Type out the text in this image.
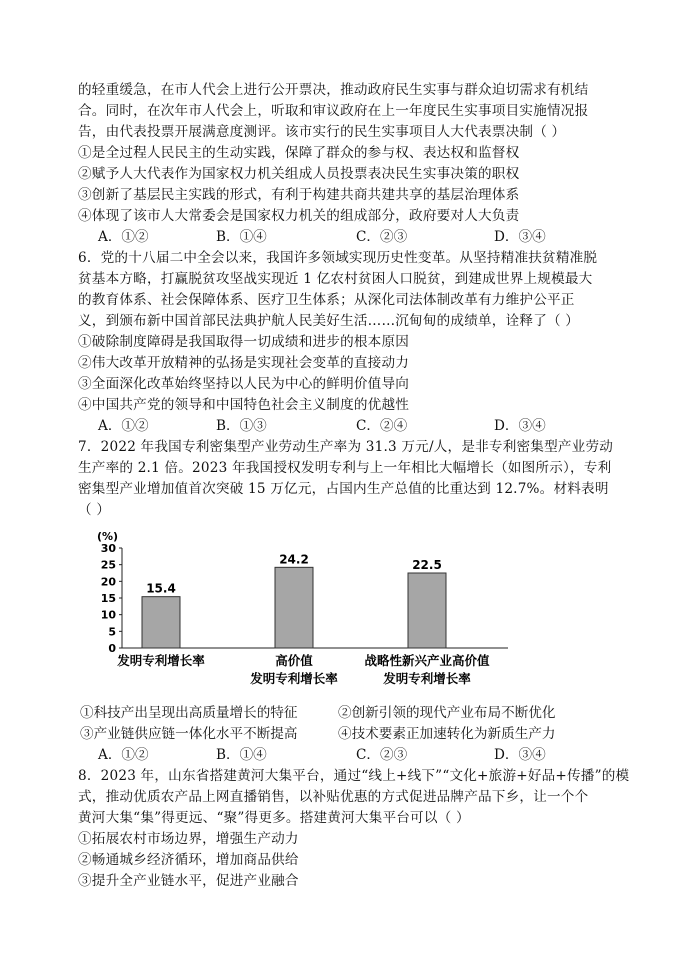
的轻重缓急，在市人代会上进行公开票决，推动政府民生实事与群众迫切需求有机结
合。同时，在次年市人代会上，听取和审议政府在上一年度民生实事项目实施情况报
告，由代表投票开展满意度测评。该市实行的民生实事项目人大代表票决制（ ）
①是全过程人民民主的生动实践，保障了群众的参与权、表达权和监督权
②赋予人大代表作为国家权力机关组成人员投票表决民生实事决策的职权
③创新了基层民主实践的形式，有利于构建共商共建共享的基层治理体系
④体现了该市人大常委会是国家权力机关的组成部分，政府要对人大负责
A．①②	B．①④	C．②③	D．③④
6．党的十八届二中全会以来，我国许多领域实现历史性变革。从坚持精准扶贫精准脱
贫基本方略，打赢脱贫攻坚战实现近 1 亿农村贫困人口脱贫，到建成世界上规模最大
的教育体系、社会保障体系、医疗卫生体系；从深化司法体制改革有力维护公平正
义，到颁布新中国首部民法典护航人民美好生活……沉甸甸的成绩单，诠释了（ ）
①破除制度障碍是我国取得一切成绩和进步的根本原因
②伟大改革开放精神的弘扬是实现社会变革的直接动力
③全面深化改革始终坚持以人民为中心的鲜明价值导向
④中国共产党的领导和中国特色社会主义制度的优越性
A．①②	B．①③	C．②④	D．③④
7．2022 年我国专利密集型产业劳动生产率为 31.3 万元/人，是非专利密集型产业劳动
生产率的 2.1 倍。2023 年我国授权发明专利与上一年相比大幅增长（如图所示），专利
密集型产业增加值首次突破 15 万亿元，占国内生产总值的比重达到 12.7%。材料表明
（ ）
(%)
30
25
20
15
10
5
0
15.4
24.2	22.5
发明专利增长率	高价值
发明专利增长率
战略性新兴产业高价值
发明专利增长率
①科技产出呈现出高质量增长的特征	②创新引领的现代产业布局不断优化
③产业链供应链一体化水平不断提高	④技术要素正加速转化为新质生产力
A．①②	B．①④	C．②③	D．③④
8．2023 年，山东省搭建黄河大集平台，通过“线上+线下”“文化+旅游+好品+传播”的模
式，推动优质农产品上网直播销售，以补贴优惠的方式促进品牌产品下乡，让一个个
黄河大集“集”得更远、“聚”得更多。搭建黄河大集平台可以（ ）
①拓展农村市场边界，增强生产动力
②畅通城乡经济循环，增加商品供给
③提升全产业链水平，促进产业融合
